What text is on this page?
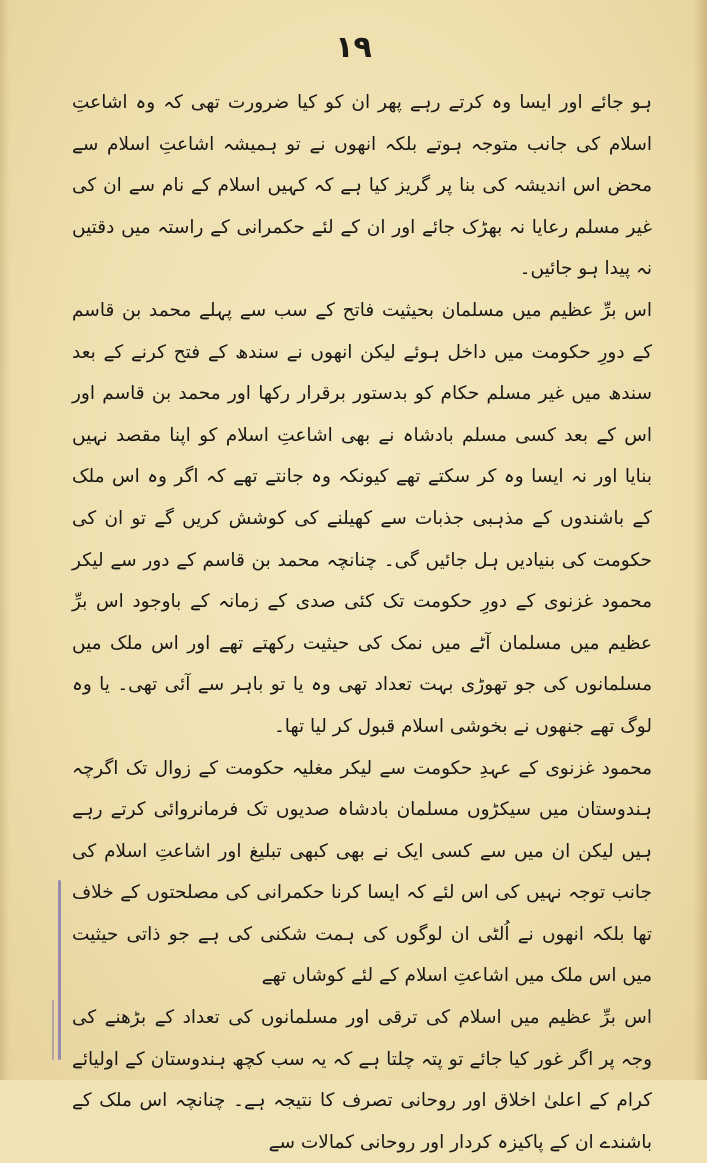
١٩

ہو جائے اور ایسا وہ کرتے رہے پھر ان کو کیا ضرورت تھی کہ وہ اشاعتِ اسلام کی جانب متوجہ ہوتے بلکہ انھوں نے تو ہمیشہ اشاعتِ اسلام سے محض اس اندیشہ کی بنا پر گریز کیا ہے کہ کہیں اسلام کے نام سے ان کی غیر مسلم رعایا نہ بھڑک جائے اور ان کے لئے حکمرانی کے راستہ میں دقتیں نہ پیدا ہو جائیں۔

اس برِّ عظیم میں مسلمان بحیثیت فاتح کے سب سے پہلے محمد بن قاسم کے دورِ حکومت میں داخل ہوئے لیکن انھوں نے سندھ کے فتح کرنے کے بعد سندھ میں غیر مسلم حکام کو بدستور برقرار رکھا اور محمد بن قاسم اور اس کے بعد کسی مسلم بادشاہ نے بھی اشاعتِ اسلام کو اپنا مقصد نہیں بنایا اور نہ ایسا وہ کر سکتے تھے کیونکہ وہ جانتے تھے کہ اگر وہ اس ملک کے باشندوں کے مذہبی جذبات سے کھیلنے کی کوشش کریں گے تو ان کی حکومت کی بنیادیں ہل جائیں گی۔ چنانچہ محمد بن قاسم کے دور سے لیکر محمود غزنوی کے دورِ حکومت تک کئی صدی کے زمانہ کے باوجود اس برِّ عظیم میں مسلمان آٹے میں نمک کی حیثیت رکھتے تھے اور اس ملک میں مسلمانوں کی جو تھوڑی بہت تعداد تھی وہ یا تو باہر سے آئی تھی۔ یا وہ لوگ تھے جنھوں نے بخوشی اسلام قبول کر لیا تھا۔

محمود غزنوی کے عہدِ حکومت سے لیکر مغلیہ حکومت کے زوال تک اگرچہ ہندوستان میں سیکڑوں مسلمان بادشاہ صدیوں تک فرمانروائی کرتے رہے ہیں لیکن ان میں سے کسی ایک نے بھی کبھی تبلیغ اور اشاعتِ اسلام کی جانب توجہ نہیں کی اس لئے کہ ایسا کرنا حکمرانی کی مصلحتوں کے خلاف تھا بلکہ انھوں نے اُلٹی ان لوگوں کی ہمت شکنی کی ہے جو ذاتی حیثیت میں اس ملک میں اشاعتِ اسلام کے لئے کوشاں تھے

اس برِّ عظیم میں اسلام کی ترقی اور مسلمانوں کی تعداد کے بڑھنے کی وجہ پر اگر غور کیا جائے تو پتہ چلتا ہے کہ یہ سب کچھ ہندوستان کے اولیائے کرام کے اعلیٰ اخلاق اور روحانی تصرف کا نتیجہ ہے۔ چنانچہ اس ملک کے باشندے ان کے پاکیزہ کردار اور روحانی کمالات سے
